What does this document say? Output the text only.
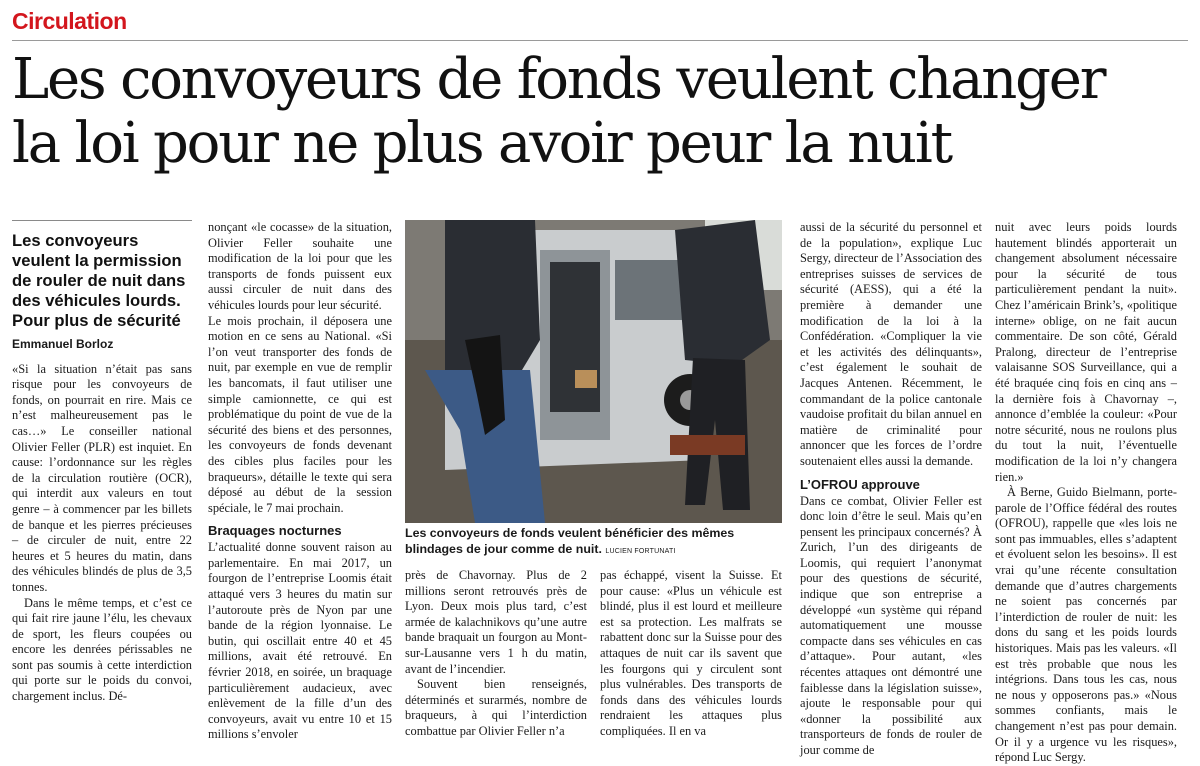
Circulation
Les convoyeurs de fonds veulent changer
la loi pour ne plus avoir peur la nuit
Les convoyeurs veulent la permission de rouler de nuit dans des véhicules lourds. Pour plus de sécurité
Emmanuel Borloz

«Si la situation n’était pas sans risque pour les convoyeurs de fonds, on pourrait en rire. Mais ce n’est malheureusement pas le cas…» Le conseiller national Olivier Feller (PLR) est inquiet. En cause: l’ordonnance sur les règles de la circulation routière (OCR), qui interdit aux valeurs en tout genre – à commencer par les billets de banque et les pierres précieuses – de circuler de nuit, entre 22 heures et 5 heures du matin, dans des véhicules blindés de plus de 3,5 tonnes.

Dans le même temps, et c’est ce qui fait rire jaune l’élu, les chevaux de sport, les fleurs coupées ou encore les denrées périssables ne sont pas soumis à cette interdiction qui porte sur le poids du convoi, chargement inclus. Dé-

nonçant «le cocasse» de la situation, Olivier Feller souhaite une modification de la loi pour que les transports de fonds puissent eux aussi circuler de nuit dans des véhicules lourds pour leur sécurité.

Le mois prochain, il déposera une motion en ce sens au National. «Si l’on veut transporter des fonds de nuit, par exemple en vue de remplir les bancomats, il faut utiliser une simple camionnette, ce qui est problématique du point de vue de la sécurité des biens et des personnes, les convoyeurs de fonds devenant des cibles plus faciles pour les braqueurs», détaille le texte qui sera déposé au début de la session spéciale, le 7 mai prochain.

Braquages nocturnes

L’actualité donne souvent raison au parlementaire. En mai 2017, un fourgon de l’entreprise Loomis était attaqué vers 3 heures du matin sur l’autoroute près de Nyon par une bande de la région lyonnaise. Le butin, qui oscillait entre 40 et 45 millions, avait été retrouvé. En février 2018, en soirée, un braquage particulièrement audacieux, avec enlèvement de la fille d’un des convoyeurs, avait vu entre 10 et 15 millions s’envoler

Les convoyeurs de fonds veulent bénéficier des mêmes blindages de jour comme de nuit. LUCIEN FORTUNATI

près de Chavornay. Plus de 2 millions seront retrouvés près de Lyon. Deux mois plus tard, c’est armée de kalachnikovs qu’une autre bande braquait un fourgon au Mont-sur-Lausanne vers 1 h du matin, avant de l’incendier.

Souvent bien renseignés, déterminés et surarmés, nombre de braqueurs, à qui l’interdiction combattue par Olivier Feller n’a

pas échappé, visent la Suisse. Et pour cause: «Plus un véhicule est blindé, plus il est lourd et meilleure est sa protection. Les malfrats se rabattent donc sur la Suisse pour des attaques de nuit car ils savent que les fourgons qui y circulent sont plus vulnérables. Des transports de fonds dans des véhicules lourds rendraient les attaques plus compliquées. Il en va

aussi de la sécurité du personnel et de la population», explique Luc Sergy, directeur de l’Association des entreprises suisses de services de sécurité (AESS), qui a été la première à demander une modification de la loi à la Confédération. «Compliquer la vie et les activités des délinquants», c’est également le souhait de Jacques Antenen. Récemment, le commandant de la police cantonale vaudoise profitait du bilan annuel en matière de criminalité pour annoncer que les forces de l’ordre soutenaient elles aussi la demande.

L’OFROU approuve

Dans ce combat, Olivier Feller est donc loin d’être le seul. Mais qu’en pensent les principaux concernés? À Zurich, l’un des dirigeants de Loomis, qui requiert l’anonymat pour des questions de sécurité, indique que son entreprise a développé «un système qui répand automatiquement une mousse compacte dans ses véhicules en cas d’attaque». Pour autant, «les récentes attaques ont démontré une faiblesse dans la législation suisse», ajoute le responsable pour qui «donner la possibilité aux transporteurs de fonds de rouler de jour comme de

nuit avec leurs poids lourds hautement blindés apporterait un changement absolument nécessaire pour la sécurité de tous particulièrement pendant la nuit». Chez l’américain Brink’s, «politique interne» oblige, on ne fait aucun commentaire. De son côté, Gérald Pralong, directeur de l’entreprise valaisanne SOS Surveillance, qui a été braquée cinq fois en cinq ans – la dernière fois à Chavornay –, annonce d’emblée la couleur: «Pour notre sécurité, nous ne roulons plus du tout la nuit, l’éventuelle modification de la loi n’y changera rien.»

À Berne, Guido Bielmann, porte-parole de l’Office fédéral des routes (OFROU), rappelle que «les lois ne sont pas immuables, elles s’adaptent et évoluent selon les besoins». Il est vrai qu’une récente consultation demande que d’autres chargements ne soient pas concernés par l’interdiction de rouler de nuit: les dons du sang et les poids lourds historiques. Mais pas les valeurs. «Il est très probable que nous les intégrions. Dans tous les cas, nous ne nous y opposerons pas.» «Nous sommes confiants, mais le changement n’est pas pour demain. Or il y a urgence vu les risques», répond Luc Sergy.
